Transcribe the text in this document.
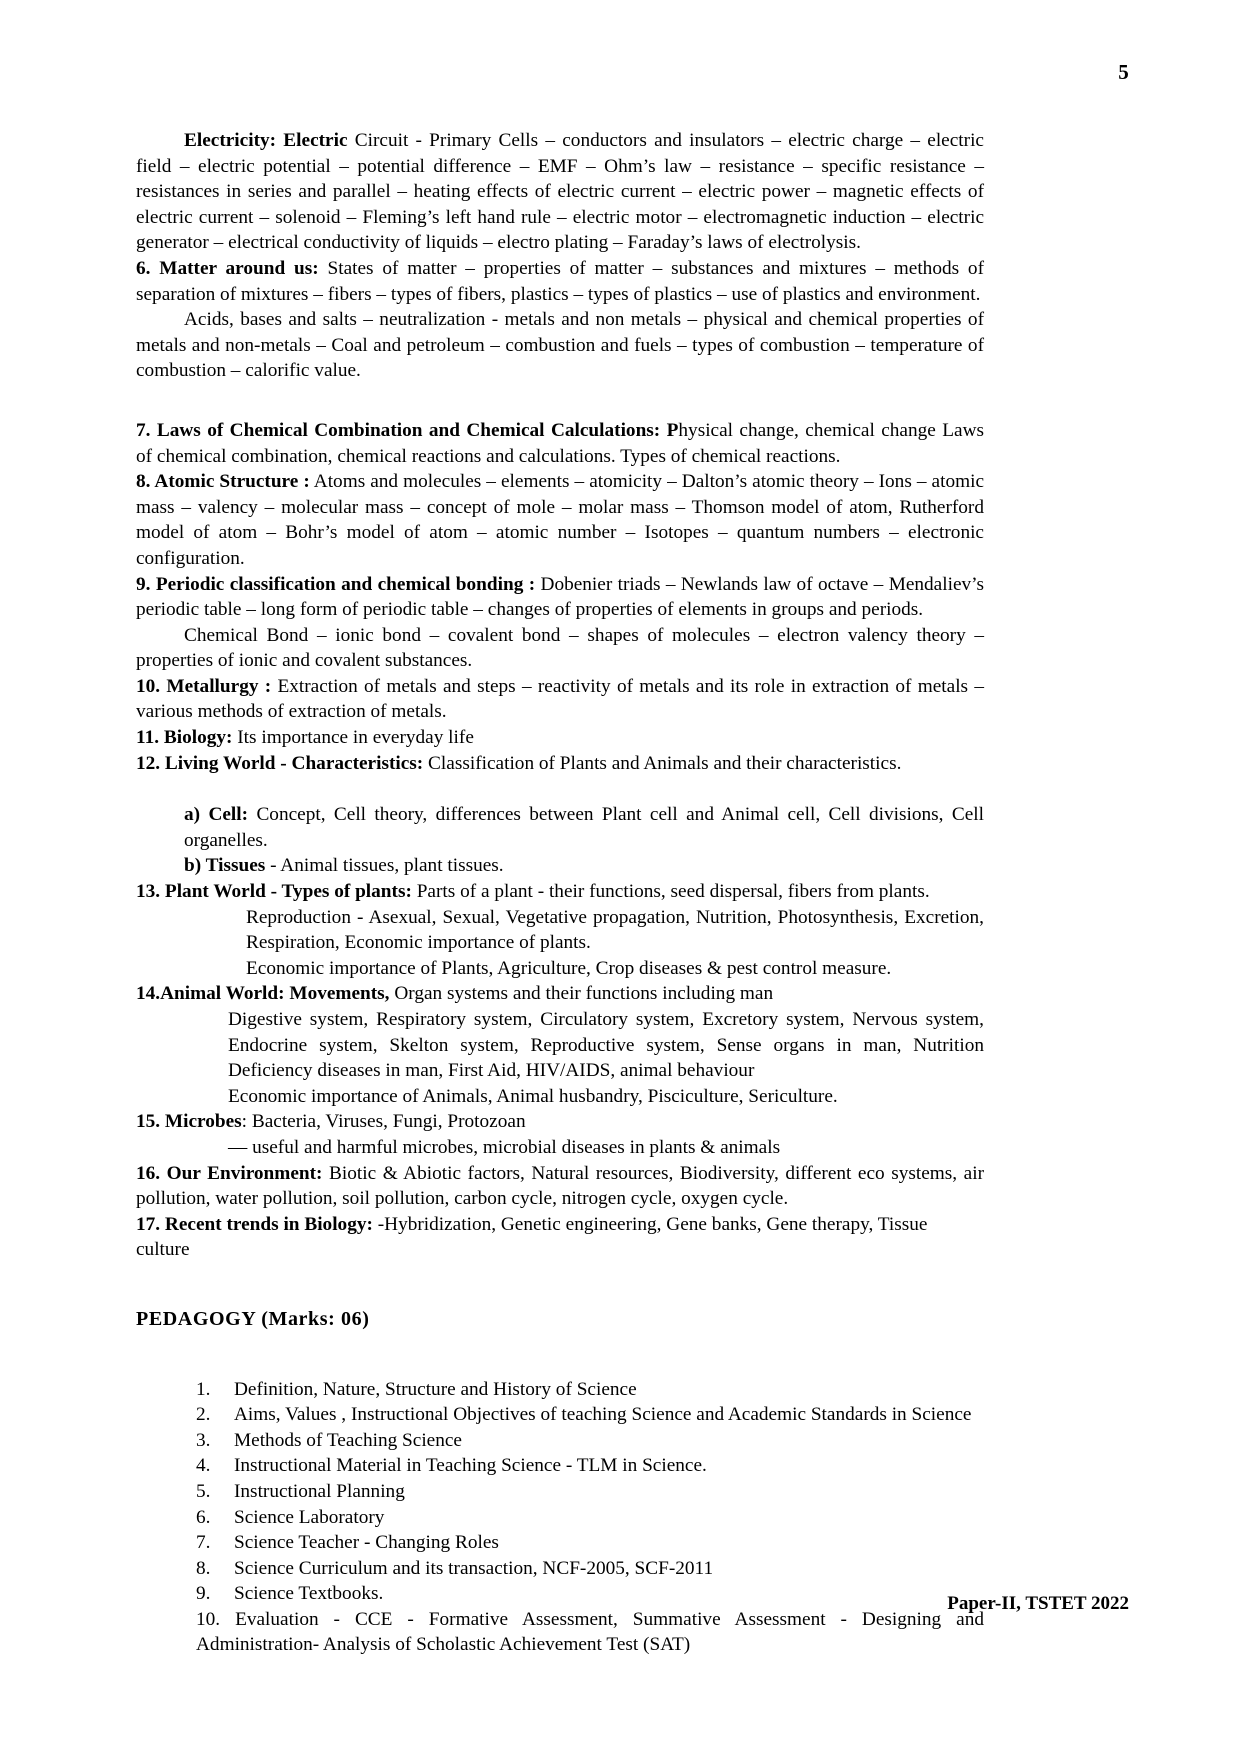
5

Electricity: Electric Circuit - Primary Cells – conductors and insulators – electric charge – electric field – electric potential – potential difference – EMF – Ohm’s law – resistance – specific resistance – resistances in series and parallel – heating effects of electric current – electric power – magnetic effects of electric current – solenoid – Fleming’s left hand rule – electric motor – electromagnetic induction – electric generator – electrical conductivity of liquids – electro plating – Faraday’s laws of electrolysis.

6. Matter around us: States of matter – properties of matter – substances and mixtures – methods of separation of mixtures – fibers – types of fibers, plastics – types of plastics – use of plastics and environment.

Acids, bases and salts – neutralization - metals and non metals – physical and chemical properties of metals and non-metals – Coal and petroleum – combustion and fuels – types of combustion – temperature of combustion – calorific value.

7. Laws of Chemical Combination and Chemical Calculations: Physical change, chemical change Laws of chemical combination, chemical reactions and calculations. Types of chemical reactions.

8. Atomic Structure : Atoms and molecules – elements – atomicity – Dalton’s atomic theory – Ions – atomic mass – valency – molecular mass – concept of mole – molar mass – Thomson model of atom, Rutherford model of atom – Bohr’s model of atom – atomic number – Isotopes – quantum numbers – electronic configuration.

9. Periodic classification and chemical bonding : Dobenier triads – Newlands law of octave – Mendaliev’s periodic table – long form of periodic table – changes of properties of elements in groups and periods.

Chemical Bond – ionic bond – covalent bond – shapes of molecules – electron valency theory – properties of ionic and covalent substances.

10. Metallurgy : Extraction of metals and steps – reactivity of metals and its role in extraction of metals – various methods of extraction of metals.

11. Biology: Its importance in everyday life

12. Living World - Characteristics: Classification of Plants and Animals and their characteristics.

a) Cell: Concept, Cell theory, differences between Plant cell and Animal cell, Cell divisions, Cell organelles.

b) Tissues - Animal tissues, plant tissues.

13. Plant World - Types of plants: Parts of a plant - their functions, seed dispersal, fibers from plants.

Reproduction - Asexual, Sexual, Vegetative propagation, Nutrition, Photosynthesis, Excretion, Respiration, Economic importance of plants.

Economic importance of Plants, Agriculture, Crop diseases & pest control measure.

14.Animal World: Movements, Organ systems and their functions including man

Digestive system, Respiratory system, Circulatory system, Excretory system, Nervous system, Endocrine system, Skelton system, Reproductive system, Sense organs in man, Nutrition Deficiency diseases in man, First Aid, HIV/AIDS, animal behaviour

Economic importance of Animals, Animal husbandry, Pisciculture, Sericulture.

15. Microbes: Bacteria, Viruses, Fungi, Protozoan

— useful and harmful microbes, microbial diseases in plants & animals

16. Our Environment: Biotic & Abiotic factors, Natural resources, Biodiversity, different eco systems, air pollution, water pollution, soil pollution, carbon cycle, nitrogen cycle, oxygen cycle.

17. Recent trends in Biology: -Hybridization, Genetic engineering, Gene banks, Gene therapy, Tissue culture

PEDAGOGY (Marks: 06)

1.	Definition, Nature, Structure and History of Science
2.	Aims, Values , Instructional Objectives of teaching Science and Academic Standards in Science
3.	Methods of Teaching Science
4.	Instructional Material in Teaching Science - TLM in Science.
5.	Instructional Planning
6.	Science Laboratory
7.	Science Teacher - Changing Roles
8.	Science Curriculum and its transaction, NCF-2005, SCF-2011
9.	Science Textbooks.
10. Evaluation - CCE - Formative Assessment, Summative Assessment - Designing and Administration- Analysis of Scholastic Achievement Test (SAT)
Paper-II, TSTET 2022
